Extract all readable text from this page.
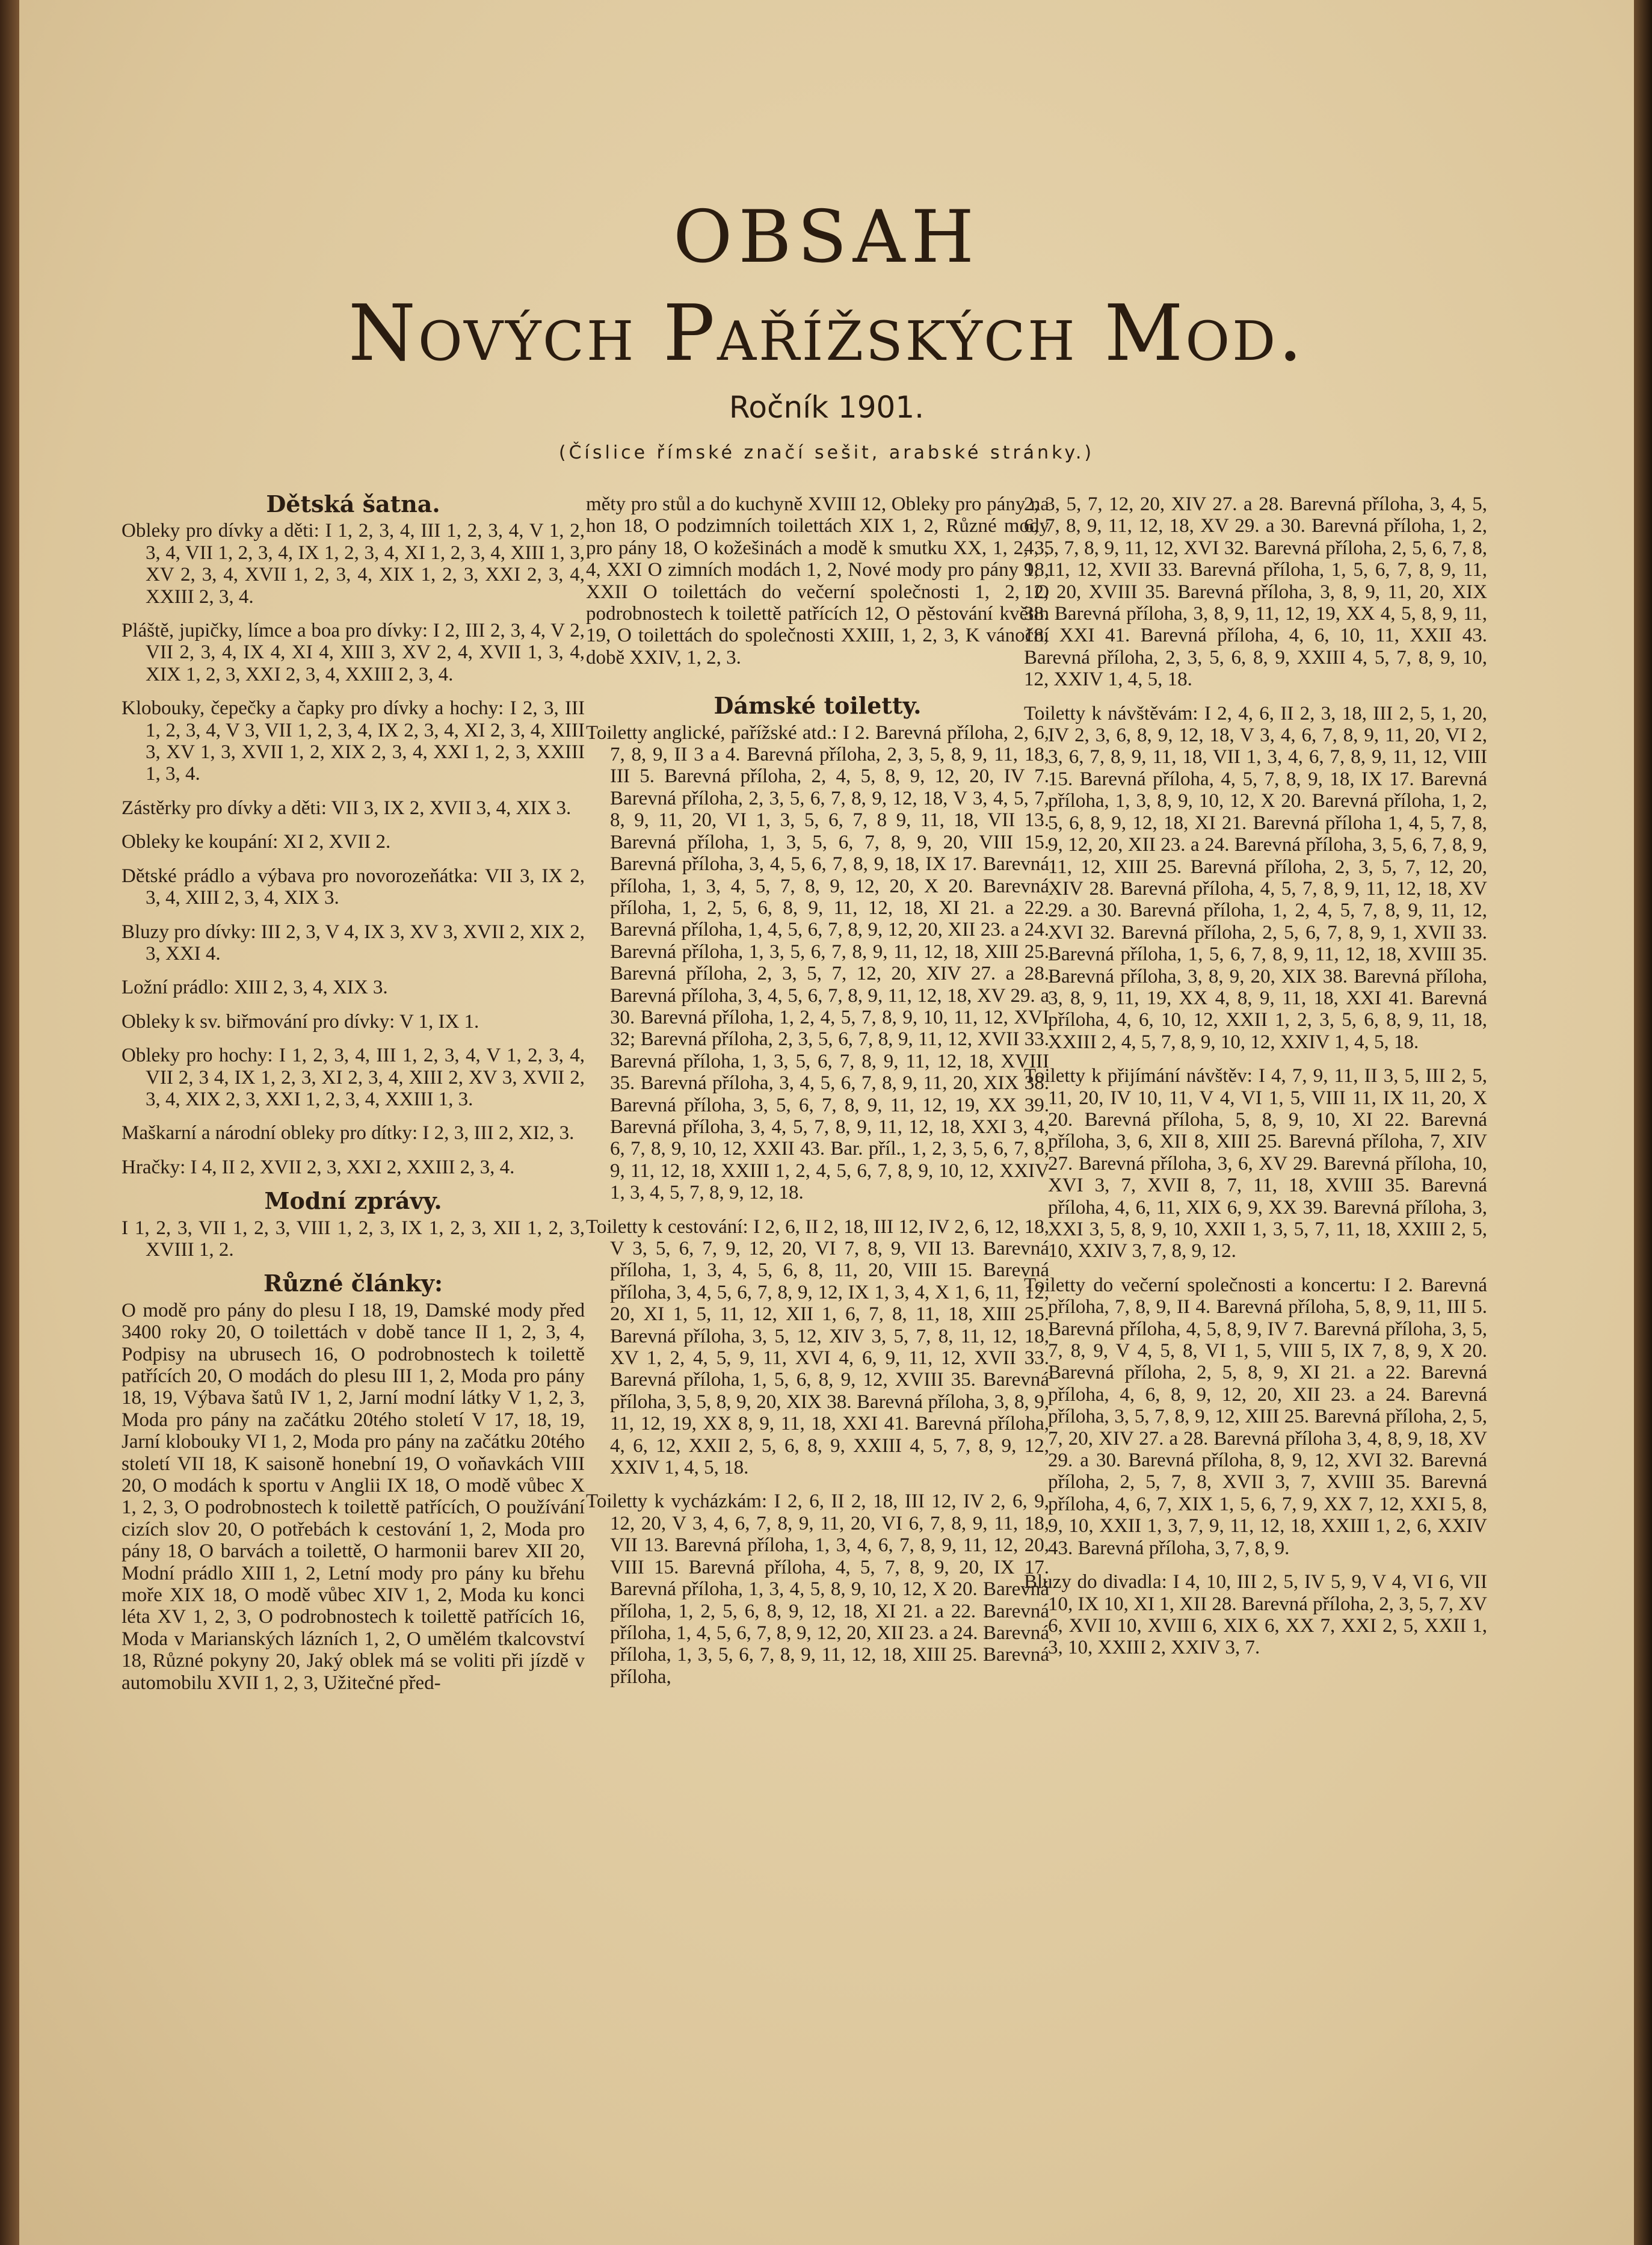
OBSAH
Nových Pařížských Mod.
Ročník 1901.
(Číslice římské značí sešit, arabské stránky.)
Dětská šatna.
Obleky pro dívky a děti: I 1, 2, 3, 4, III 1, 2, 3, 4, V 1, 2, 3, 4, VII 1, 2, 3, 4, IX 1, 2, 3, 4, XI 1, 2, 3, 4, XIII 1, 3, XV 2, 3, 4, XVII 1, 2, 3, 4, XIX 1, 2, 3, XXI 2, 3, 4, XXIII 2, 3, 4.
Pláště, jupičky, límce a boa pro dívky: I 2, III 2, 3, 4, V 2, VII 2, 3, 4, IX 4, XI 4, XIII 3, XV 2, 4, XVII 1, 3, 4, XIX 1, 2, 3, XXI 2, 3, 4, XXIII 2, 3, 4.
Klobouky, čepečky a čapky pro dívky a hochy: I 2, 3, III 1, 2, 3, 4, V 3, VII 1, 2, 3, 4, IX 2, 3, 4, XI 2, 3, 4, XIII 3, XV 1, 3, XVII 1, 2, XIX 2, 3, 4, XXI 1, 2, 3, XXIII 1, 3, 4.
Zástěrky pro dívky a děti: VII 3, IX 2, XVII 3, 4, XIX 3.
Obleky ke koupání: XI 2, XVII 2.
Dětské prádlo a výbava pro novorozeňátka: VII 3, IX 2, 3, 4, XIII 2, 3, 4, XIX 3.
Bluzy pro dívky: III 2, 3, V 4, IX 3, XV 3, XVII 2, XIX 2, 3, XXI 4.
Ložní prádlo: XIII 2, 3, 4, XIX 3.
Obleky k sv. biřmování pro dívky: V 1, IX 1.
Obleky pro hochy: I 1, 2, 3, 4, III 1, 2, 3, 4, V 1, 2, 3, 4, VII 2, 3 4, IX 1, 2, 3, XI 2, 3, 4, XIII 2, XV 3, XVII 2, 3, 4, XIX 2, 3, XXI 1, 2, 3, 4, XXIII 1, 3.
Maškarní a národní obleky pro dítky: I 2, 3, III 2, XI2, 3.
Hračky: I 4, II 2, XVII 2, 3, XXI 2, XXIII 2, 3, 4.
Modní zprávy.
I 1, 2, 3, VII 1, 2, 3, VIII 1, 2, 3, IX 1, 2, 3, XII 1, 2, 3, XVIII 1, 2.
Různé články:
O modě pro pány do plesu I 18, 19, Damské mody před 3400 roky 20, O toilettách v době tance II 1, 2, 3, 4, Podpisy na ubrusech 16, O podrobnostech k toilettě patřících 20, O modách do plesu III 1, 2, Moda pro pány 18, 19, Výbava šatů IV 1, 2, Jarní modní látky V 1, 2, 3, Moda pro pány na začátku 20tého století V 17, 18, 19, Jarní klobouky VI 1, 2, Moda pro pány na začátku 20tého století VII 18, K saisoně honební 19, O voňavkách VIII 20, O modách k sportu v Anglii IX 18, O modě vůbec X 1, 2, 3, O podrobnostech k toilettě patřících, O používání cizích slov 20, O potřebách k cestování 1, 2, Moda pro pány 18, O barvách a toilettě, O harmonii barev XII 20, Modní prádlo XIII 1, 2, Letní mody pro pány ku břehu moře XIX 18, O modě vůbec XIV 1, 2, Moda ku konci léta XV 1, 2, 3, O podrobnostech k toilettě patřících 16, Moda v Marianských lázních 1, 2, O umělém tkalcovství 18, Různé pokyny 20, Jaký oblek má se voliti při jízdě v automobilu XVII 1, 2, 3, Užitečné před-
měty pro stůl a do kuchyně XVIII 12, Obleky pro pány na hon 18, O podzimních toilettách XIX 1, 2, Různé mody pro pány 18, O kožešinách a modě k smutku XX, 1, 2, 3, 4, XXI O zimních modách 1, 2, Nové mody pro pány 18, XXII O toilettách do večerní společnosti 1, 2, O podrobnostech k toilettě patřících 12, O pěstování květin 19, O toilettách do společnosti XXIII, 1, 2, 3, K vánoční době XXIV, 1, 2, 3.
Dámské toiletty.
Toiletty anglické, pařížské atd.: I 2. Barevná příloha, 2, 6, 7, 8, 9, II 3 a 4. Barevná příloha, 2, 3, 5, 8, 9, 11, 18, III 5. Barevná příloha, 2, 4, 5, 8, 9, 12, 20, IV 7. Barevná příloha, 2, 3, 5, 6, 7, 8, 9, 12, 18, V 3, 4, 5, 7, 8, 9, 11, 20, VI 1, 3, 5, 6, 7, 8 9, 11, 18, VII 13. Barevná příloha, 1, 3, 5, 6, 7, 8, 9, 20, VIII 15. Barevná příloha, 3, 4, 5, 6, 7, 8, 9, 18, IX 17. Barevná příloha, 1, 3, 4, 5, 7, 8, 9, 12, 20, X 20. Barevná příloha, 1, 2, 5, 6, 8, 9, 11, 12, 18, XI 21. a 22. Barevná příloha, 1, 4, 5, 6, 7, 8, 9, 12, 20, XII 23. a 24. Barevná příloha, 1, 3, 5, 6, 7, 8, 9, 11, 12, 18, XIII 25. Barevná příloha, 2, 3, 5, 7, 12, 20, XIV 27. a 28. Barevná příloha, 3, 4, 5, 6, 7, 8, 9, 11, 12, 18, XV 29. a 30. Barevná příloha, 1, 2, 4, 5, 7, 8, 9, 10, 11, 12, XVI 32; Barevná příloha, 2, 3, 5, 6, 7, 8, 9, 11, 12, XVII 33. Barevná příloha, 1, 3, 5, 6, 7, 8, 9, 11, 12, 18, XVIII 35. Barevná příloha, 3, 4, 5, 6, 7, 8, 9, 11, 20, XIX 38. Barevná příloha, 3, 5, 6, 7, 8, 9, 11, 12, 19, XX 39. Barevná příloha, 3, 4, 5, 7, 8, 9, 11, 12, 18, XXI 3, 4, 6, 7, 8, 9, 10, 12, XXII 43. Bar. příl., 1, 2, 3, 5, 6, 7, 8, 9, 11, 12, 18, XXIII 1, 2, 4, 5, 6, 7, 8, 9, 10, 12, XXIV 1, 3, 4, 5, 7, 8, 9, 12, 18.
Toiletty k cestování: I 2, 6, II 2, 18, III 12, IV 2, 6, 12, 18, V 3, 5, 6, 7, 9, 12, 20, VI 7, 8, 9, VII 13. Barevná příloha, 1, 3, 4, 5, 6, 8, 11, 20, VIII 15. Barevná příloha, 3, 4, 5, 6, 7, 8, 9, 12, IX 1, 3, 4, X 1, 6, 11, 12, 20, XI 1, 5, 11, 12, XII 1, 6, 7, 8, 11, 18, XIII 25. Barevná příloha, 3, 5, 12, XIV 3, 5, 7, 8, 11, 12, 18, XV 1, 2, 4, 5, 9, 11, XVI 4, 6, 9, 11, 12, XVII 33. Barevná příloha, 1, 5, 6, 8, 9, 12, XVIII 35. Barevná příloha, 3, 5, 8, 9, 20, XIX 38. Barevná příloha, 3, 8, 9, 11, 12, 19, XX 8, 9, 11, 18, XXI 41. Barevná příloha, 4, 6, 12, XXII 2, 5, 6, 8, 9, XXIII 4, 5, 7, 8, 9, 12, XXIV 1, 4, 5, 18.
Toiletty k vycházkám: I 2, 6, II 2, 18, III 12, IV 2, 6, 9, 12, 20, V 3, 4, 6, 7, 8, 9, 11, 20, VI 6, 7, 8, 9, 11, 18, VII 13. Barevná příloha, 1, 3, 4, 6, 7, 8, 9, 11, 12, 20, VIII 15. Barevná příloha, 4, 5, 7, 8, 9, 20, IX 17. Barevná příloha, 1, 3, 4, 5, 8, 9, 10, 12, X 20. Barevná příloha, 1, 2, 5, 6, 8, 9, 12, 18, XI 21. a 22. Barevná příloha, 1, 4, 5, 6, 7, 8, 9, 12, 20, XII 23. a 24. Barevná příloha, 1, 3, 5, 6, 7, 8, 9, 11, 12, 18, XIII 25. Barevná příloha,
2, 3, 5, 7, 12, 20, XIV 27. a 28. Barevná příloha, 3, 4, 5, 6, 7, 8, 9, 11, 12, 18, XV 29. a 30. Barevná příloha, 1, 2, 4, 5, 7, 8, 9, 11, 12, XVI 32. Barevná příloha, 2, 5, 6, 7, 8, 9, 11, 12, XVII 33. Barevná příloha, 1, 5, 6, 7, 8, 9, 11, 12, 20, XVIII 35. Barevná příloha, 3, 8, 9, 11, 20, XIX 38. Barevná příloha, 3, 8, 9, 11, 12, 19, XX 4, 5, 8, 9, 11, 18, XXI 41. Barevná příloha, 4, 6, 10, 11, XXII 43. Barevná příloha, 2, 3, 5, 6, 8, 9, XXIII 4, 5, 7, 8, 9, 10, 12, XXIV 1, 4, 5, 18.
Toiletty k návštěvám: I 2, 4, 6, II 2, 3, 18, III 2, 5, 1, 20, IV 2, 3, 6, 8, 9, 12, 18, V 3, 4, 6, 7, 8, 9, 11, 20, VI 2, 3, 6, 7, 8, 9, 11, 18, VII 1, 3, 4, 6, 7, 8, 9, 11, 12, VIII 15. Barevná příloha, 4, 5, 7, 8, 9, 18, IX 17. Barevná příloha, 1, 3, 8, 9, 10, 12, X 20. Barevná příloha, 1, 2, 5, 6, 8, 9, 12, 18, XI 21. Barevná příloha 1, 4, 5, 7, 8, 9, 12, 20, XII 23. a 24. Barevná příloha, 3, 5, 6, 7, 8, 9, 11, 12, XIII 25. Barevná příloha, 2, 3, 5, 7, 12, 20, XIV 28. Barevná příloha, 4, 5, 7, 8, 9, 11, 12, 18, XV 29. a 30. Barevná příloha, 1, 2, 4, 5, 7, 8, 9, 11, 12, XVI 32. Barevná příloha, 2, 5, 6, 7, 8, 9, 1, XVII 33. Barevná příloha, 1, 5, 6, 7, 8, 9, 11, 12, 18, XVIII 35. Barevná příloha, 3, 8, 9, 20, XIX 38. Barevná příloha, 3, 8, 9, 11, 19, XX 4, 8, 9, 11, 18, XXI 41. Barevná příloha, 4, 6, 10, 12, XXII 1, 2, 3, 5, 6, 8, 9, 11, 18, XXIII 2, 4, 5, 7, 8, 9, 10, 12, XXIV 1, 4, 5, 18.
Toiletty k přijímání návštěv: I 4, 7, 9, 11, II 3, 5, III 2, 5, 11, 20, IV 10, 11, V 4, VI 1, 5, VIII 11, IX 11, 20, X 20. Barevná příloha, 5, 8, 9, 10, XI 22. Barevná příloha, 3, 6, XII 8, XIII 25. Barevná příloha, 7, XIV 27. Barevná příloha, 3, 6, XV 29. Barevná příloha, 10, XVI 3, 7, XVII 8, 7, 11, 18, XVIII 35. Barevná příloha, 4, 6, 11, XIX 6, 9, XX 39. Barevná příloha, 3, XXI 3, 5, 8, 9, 10, XXII 1, 3, 5, 7, 11, 18, XXIII 2, 5, 10, XXIV 3, 7, 8, 9, 12.
Toiletty do večerní společnosti a koncertu: I 2. Barevná příloha, 7, 8, 9, II 4. Barevná příloha, 5, 8, 9, 11, III 5. Barevná příloha, 4, 5, 8, 9, IV 7. Barevná příloha, 3, 5, 7, 8, 9, V 4, 5, 8, VI 1, 5, VIII 5, IX 7, 8, 9, X 20. Barevná příloha, 2, 5, 8, 9, XI 21. a 22. Barevná příloha, 4, 6, 8, 9, 12, 20, XII 23. a 24. Barevná příloha, 3, 5, 7, 8, 9, 12, XIII 25. Barevná příloha, 2, 5, 7, 20, XIV 27. a 28. Barevná příloha 3, 4, 8, 9, 18, XV 29. a 30. Barevná příloha, 8, 9, 12, XVI 32. Barevná příloha, 2, 5, 7, 8, XVII 3, 7, XVIII 35. Barevná příloha, 4, 6, 7, XIX 1, 5, 6, 7, 9, XX 7, 12, XXI 5, 8, 9, 10, XXII 1, 3, 7, 9, 11, 12, 18, XXIII 1, 2, 6, XXIV 43. Barevná příloha, 3, 7, 8, 9.
Bluzy do divadla: I 4, 10, III 2, 5, IV 5, 9, V 4, VI 6, VII 10, IX 10, XI 1, XII 28. Barevná příloha, 2, 3, 5, 7, XV 6, XVII 10, XVIII 6, XIX 6, XX 7, XXI 2, 5, XXII 1, 3, 10, XXIII 2, XXIV 3, 7.
